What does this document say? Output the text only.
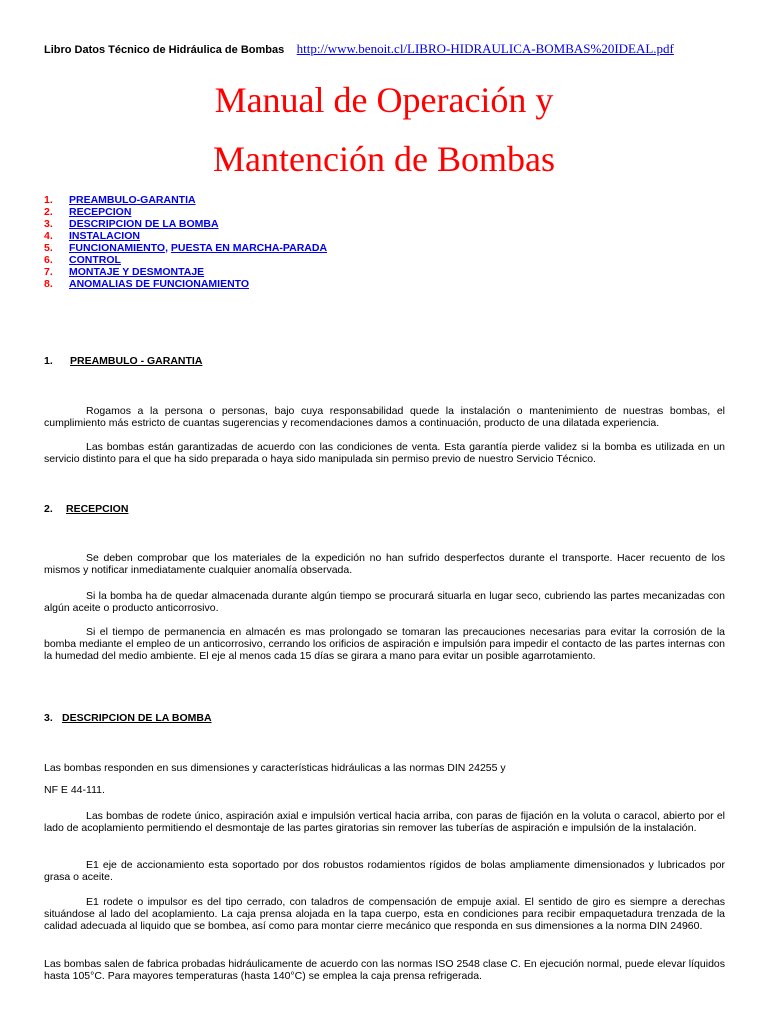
Libro Datos Técnico de Hidráulica de Bombas http://www.benoit.cl/LIBRO-HIDRAULICA-BOMBAS%20IDEAL.pdf
Manual de Operación y
Mantención de Bombas
1. PREAMBULO-GARANTIA
2. RECEPCION
3. DESCRIPCION DE LA BOMBA
4. INSTALACION
5. FUNCIONAMIENTO, PUESTA EN MARCHA-PARADA
6. CONTROL
7. MONTAJE Y DESMONTAJE
8. ANOMALIAS DE FUNCIONAMIENTO
1. PREAMBULO - GARANTIA

Rogamos a la persona o personas, bajo cuya responsabilidad quede la instalación o mantenimiento de nuestras bombas, el cumplimiento más estricto de cuantas sugerencias y recomendaciones damos a continuación, producto de una dilatada experiencia.

Las bombas están garantizadas de acuerdo con las condiciones de venta. Esta garantía pierde validez si la bomba es utilizada en un servicio distinto para el que ha sido preparada o haya sido manipulada sin permiso previo de nuestro Servicio Técnico.

2. RECEPCION

Se deben comprobar que los materiales de la expedición no han sufrido desperfectos durante el transporte. Hacer recuento de los mismos y notificar inmediatamente cualquier anomalía observada.

Si la bomba ha de quedar almacenada durante algún tiempo se procurará situarla en lugar seco, cubriendo las partes mecanizadas con algún aceite o producto anticorrosivo.

Si el tiempo de permanencia en almacén es mas prolongado se tomaran las precauciones necesarias para evitar la corrosión de la bomba mediante el empleo de un anticorrosivo, cerrando los orificios de aspiración e impulsión para impedir el contacto de las partes internas con la humedad del medio ambiente. El eje al menos cada 15 días se girara a mano para evitar un posible agarrotamiento.

3. DESCRIPCION DE LA BOMBA

Las bombas responden en sus dimensiones y características hidráulicas a las normas DIN 24255 y

NF E 44-111.

Las bombas de rodete único, aspiración axial e impulsión vertical hacia arriba, con paras de fijación en la voluta o caracol, abierto por el lado de acoplamiento permitiendo el desmontaje de las partes giratorias sin remover las tuberías de aspiración e impulsión de la instalación.

E1 eje de accionamiento esta soportado por dos robustos rodamientos rígidos de bolas ampliamente dimensionados y lubricados por grasa o aceite.

E1 rodete o impulsor es del tipo cerrado, con taladros de compensación de empuje axial. El sentido de giro es siempre a derechas situándose al lado del acoplamiento. La caja prensa alojada en la tapa cuerpo, esta en condiciones para recibir empaquetadura trenzada de la calidad adecuada al liquido que se bombea, así como para montar cierre mecánico que responda en sus dimensiones a la norma DIN 24960.

Las bombas salen de fabrica probadas hidráulicamente de acuerdo con las normas ISO 2548 clase C. En ejecución normal, puede elevar líquidos hasta 105°C. Para mayores temperaturas (hasta 140°C) se emplea la caja prensa refrigerada.
